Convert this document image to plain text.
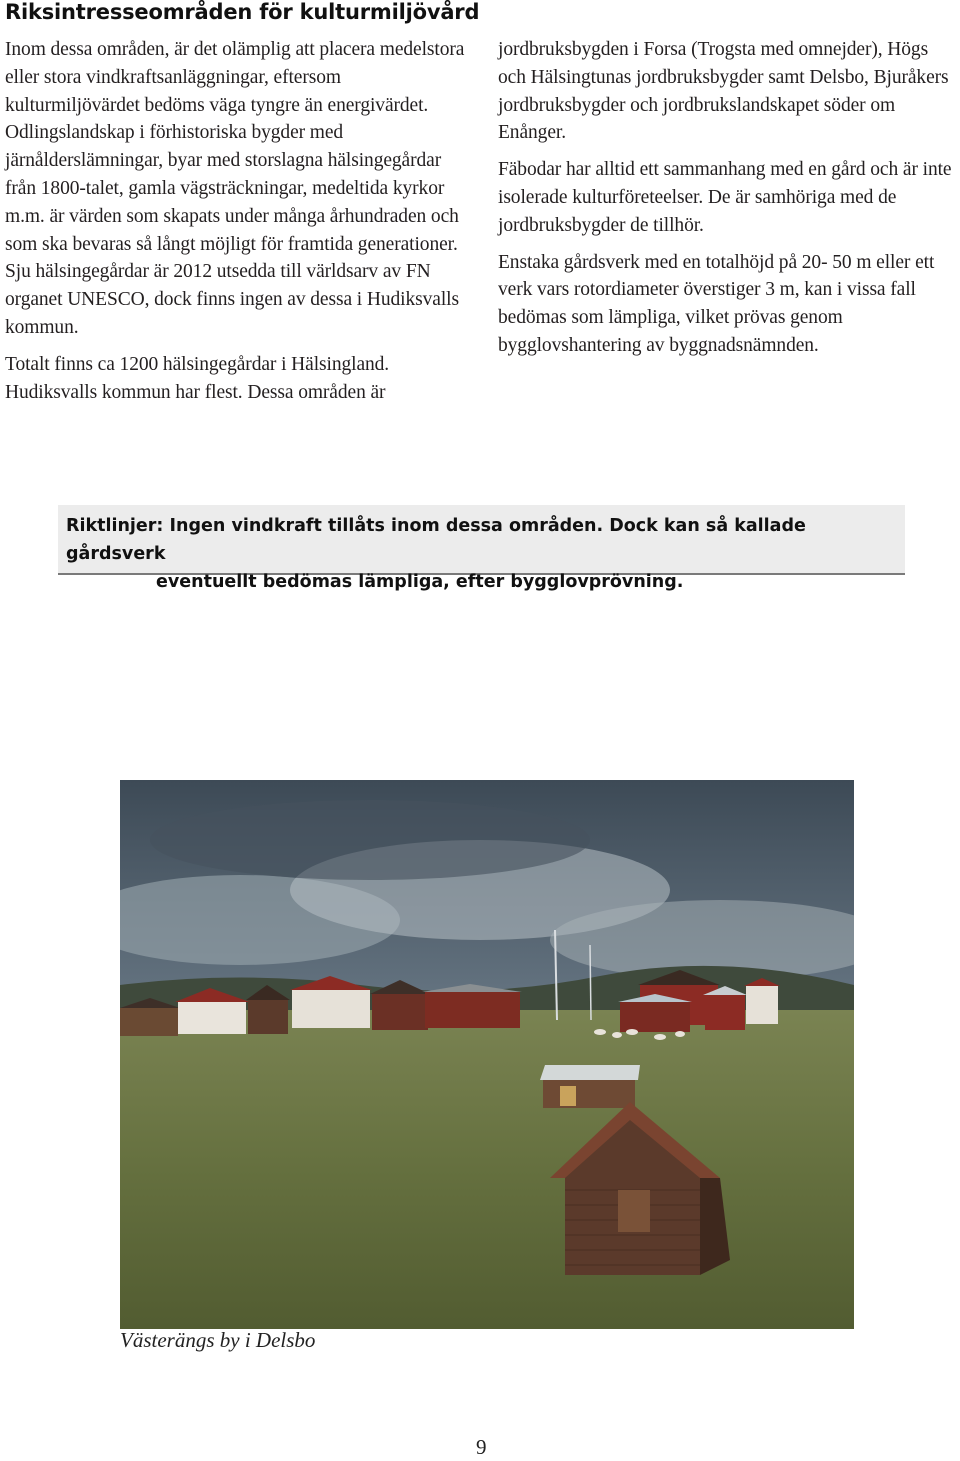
Riksintresseområden för kulturmiljövård

Inom dessa områden, är det olämplig att placera medelstora eller stora vindkraftsanläggningar, eftersom kulturmiljövärdet bedöms väga tyngre än energivärdet. Odlingslandskap i förhistoriska bygder med järnålderslämningar, byar med storslagna hälsingegårdar från 1800-talet, gamla vägsträckningar, medeltida kyrkor m.m. är värden som skapats under många århundraden och som ska bevaras så långt möjligt för framtida generationer. Sju hälsingegårdar är 2012 utsedda till världsarv av FN organet UNESCO, dock finns ingen av dessa i Hudiksvalls kommun.

Totalt finns ca 1200 hälsingegårdar i Hälsingland. Hudiksvalls kommun har flest. Dessa områden är

jordbruksbygden i Forsa (Trogsta med omnejder), Högs och Hälsingtunas jordbruksbygder samt Delsbo, Bjuråkers jordbruksbygder och jordbrukslandskapet söder om Enånger.

Fäbodar har alltid ett sammanhang med en gård och är inte isolerade kulturföreteelser. De är samhöriga med de jordbruksbygder de tillhör.

Enstaka gårdsverk med en totalhöjd på 20- 50 m eller ett verk vars rotordiameter överstiger 3 m, kan i vissa fall bedömas som lämpliga, vilket prövas genom bygglovshantering av byggnadsnämnden.

Riktlinjer: Ingen vindkraft tillåts inom dessa områden. Dock kan så kallade gårdsverk
eventuellt bedömas lämpliga, efter bygglovprövning.
Västerängs by i Delsbo
9
